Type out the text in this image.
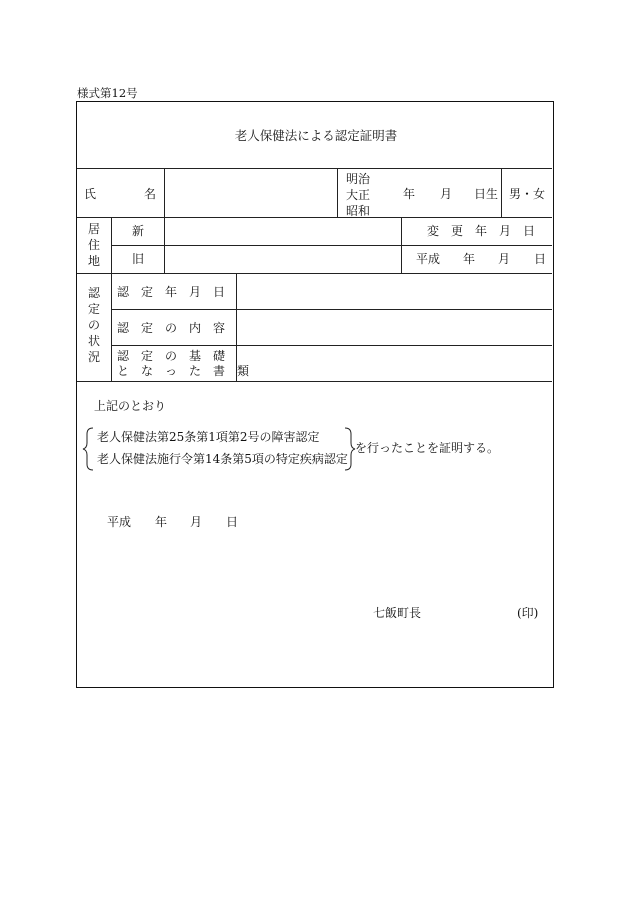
様式第12号
老人保健法による認定証明書
氏　　　　名
明治
大正
昭和
年 月 日生 男・女
居
住
地
新
旧
変　更　年　月　日
平成 年 月 日
認
定
の
状
況
認　定　年　月　日
認　定　の　内　容
認　定　の　基　礎
と　な　っ　た　書　類
上記のとおり
老人保健法第25条第1項第2号の障害認定
老人保健法施行令第14条第5項の特定疾病認定
を行ったことを証明する。
平成 年 月 日
七飯町長	(印)
